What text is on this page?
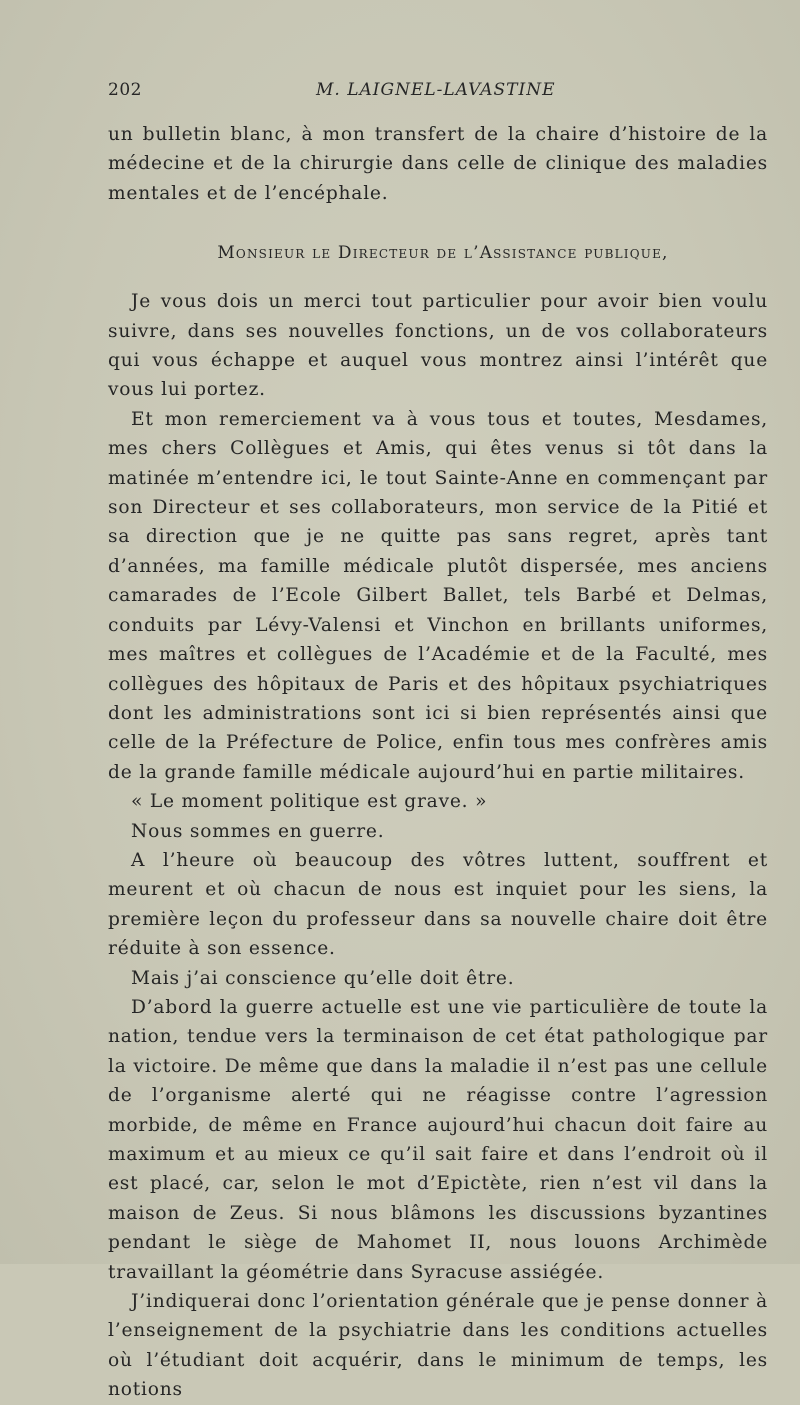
202	M. LAIGNEL-LAVASTINE

un bulletin blanc, à mon transfert de la chaire d’histoire de la médecine et de la chirurgie dans celle de clinique des maladies mentales et de l’encéphale.

Monsieur le Directeur de l’Assistance publique,

Je vous dois un merci tout particulier pour avoir bien voulu suivre, dans ses nouvelles fonctions, un de vos collaborateurs qui vous échappe et auquel vous montrez ainsi l’intérêt que vous lui portez.

Et mon remerciement va à vous tous et toutes, Mesdames, mes chers Collègues et Amis, qui êtes venus si tôt dans la matinée m’entendre ici, le tout Sainte-Anne en commençant par son Directeur et ses collaborateurs, mon service de la Pitié et sa direction que je ne quitte pas sans regret, après tant d’années, ma famille médicale plutôt dispersée, mes anciens camarades de l’Ecole Gilbert Ballet, tels Barbé et Delmas, conduits par Lévy-Valensi et Vinchon en brillants uniformes, mes maîtres et collègues de l’Académie et de la Faculté, mes collègues des hôpitaux de Paris et des hôpitaux psychiatriques dont les administrations sont ici si bien représentés ainsi que celle de la Préfecture de Police, enfin tous mes confrères amis de la grande famille médicale aujourd’hui en partie militaires.

« Le moment politique est grave. »

Nous sommes en guerre.

A l’heure où beaucoup des vôtres luttent, souffrent et meurent et où chacun de nous est inquiet pour les siens, la première leçon du professeur dans sa nouvelle chaire doit être réduite à son essence.

Mais j’ai conscience qu’elle doit être.

D’abord la guerre actuelle est une vie particulière de toute la nation, tendue vers la terminaison de cet état pathologique par la victoire. De même que dans la maladie il n’est pas une cellule de l’organisme alerté qui ne réagisse contre l’agression morbide, de même en France aujourd’hui chacun doit faire au maximum et au mieux ce qu’il sait faire et dans l’endroit où il est placé, car, selon le mot d’Epictète, rien n’est vil dans la maison de Zeus. Si nous blâmons les discussions byzantines pendant le siège de Mahomet II, nous louons Archimède travaillant la géométrie dans Syracuse assiégée.

J’indiquerai donc l’orientation générale que je pense donner à l’enseignement de la psychiatrie dans les conditions actuelles où l’étudiant doit acquérir, dans le minimum de temps, les notions
